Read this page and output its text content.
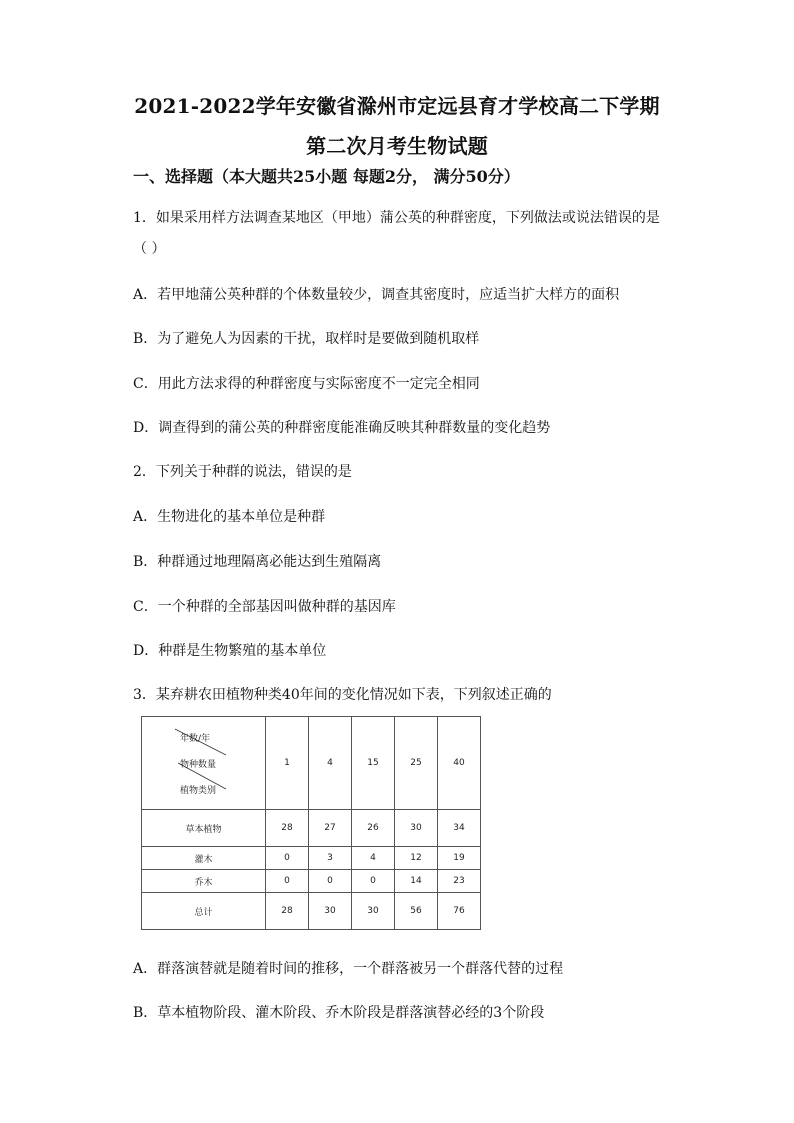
2021-2022学年安徽省滁州市定远县育才学校高二下学期
第二次月考生物试题
一、选择题（本大题共25小题 每题2分， 满分50分）
1．如果采用样方法调查某地区（甲地）蒲公英的种群密度，下列做法或说法错误的是
（ ）
A．若甲地蒲公英种群的个体数量较少，调查其密度时，应适当扩大样方的面积
B．为了避免人为因素的干扰，取样时是要做到随机取样
C．用此方法求得的种群密度与实际密度不一定完全相同
D．调查得到的蒲公英的种群密度能准确反映其种群数量的变化趋势
2．下列关于种群的说法，错误的是
A．生物进化的基本单位是种群
B．种群通过地理隔离必能达到生殖隔离
C．一个种群的全部基因叫做种群的基因库
D．种群是生物繁殖的基本单位
3．某弃耕农田植物种类40年间的变化情况如下表，下列叙述正确的
年数/年
物种数量
植物类别	1	4	15	25	40
草本植物	28	27	26	30	34
灌木	0	3	4	12	19
乔木	0	0	0	14	23
总计	28	30	30	56	76
A．群落演替就是随着时间的推移，一个群落被另一个群落代替的过程
B．草本植物阶段、灌木阶段、乔木阶段是群落演替必经的3个阶段
